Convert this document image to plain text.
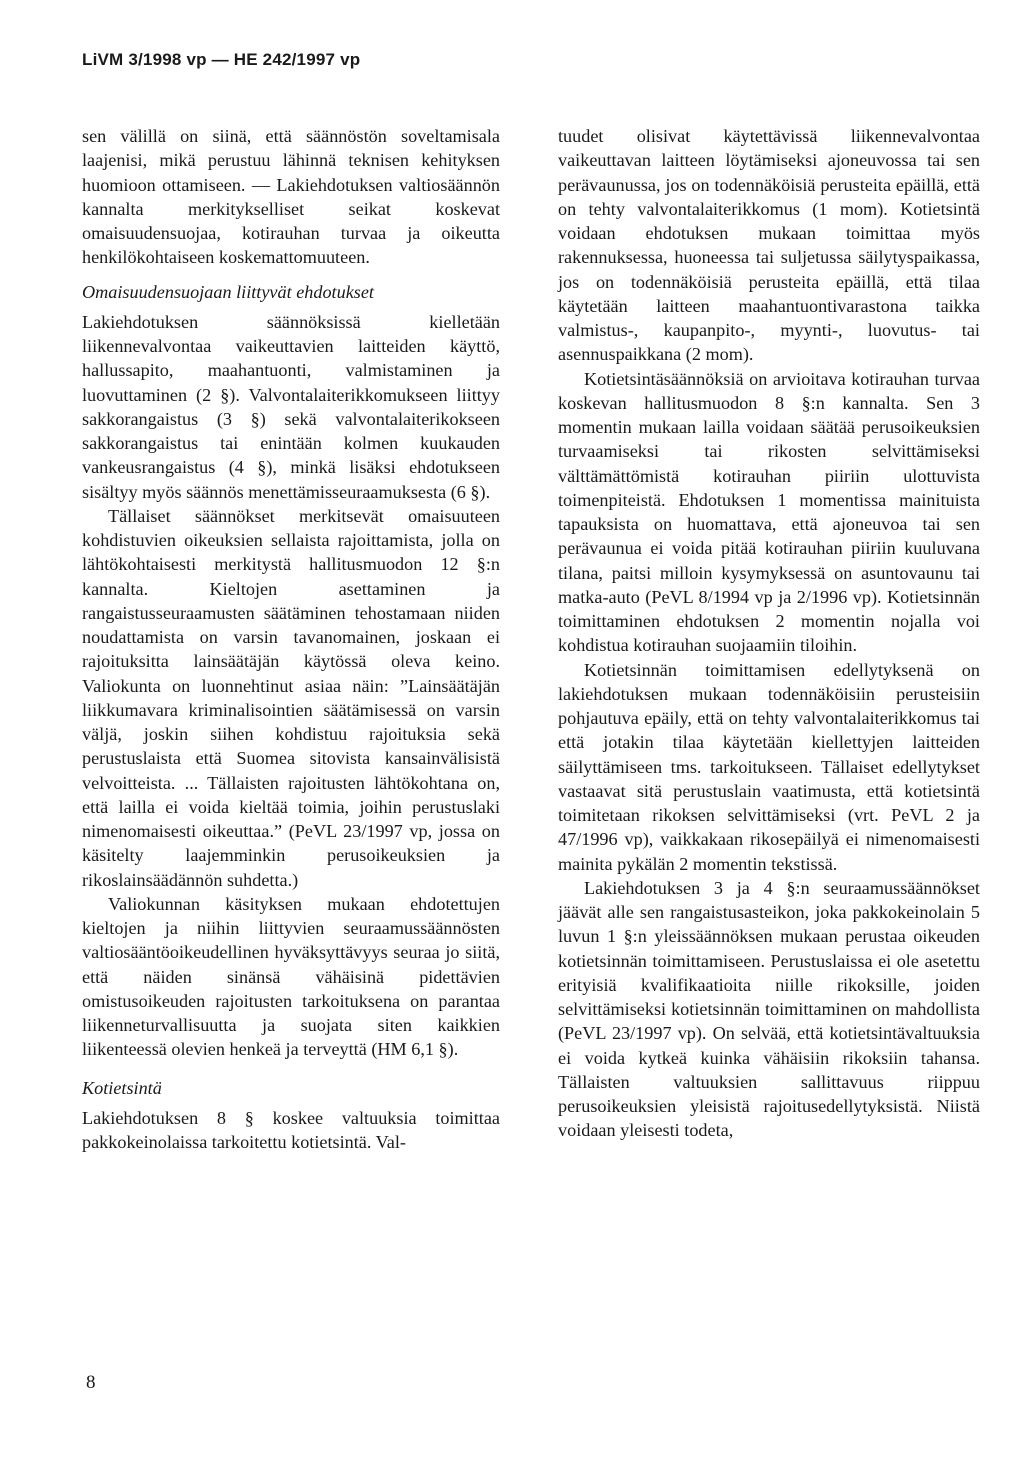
LiVM 3/1998 vp — HE 242/1997 vp

sen välillä on siinä, että säännöstön soveltamisala laajenisi, mikä perustuu lähinnä teknisen kehityksen huomioon ottamiseen. — Lakiehdotuksen valtiosäännön kannalta merkitykselliset seikat koskevat omaisuudensuojaa, kotirauhan turvaa ja oikeutta henkilökohtaiseen koskemattomuuteen.

Omaisuudensuojaan liittyvät ehdotukset

Lakiehdotuksen säännöksissä kielletään liikennevalvontaa vaikeuttavien laitteiden käyttö, hallussapito, maahantuonti, valmistaminen ja luovuttaminen (2 §). Valvontalaiterikkomukseen liittyy sakkorangaistus (3 §) sekä valvontalaiterikokseen sakkorangaistus tai enintään kolmen kuukauden vankeusrangaistus (4 §), minkä lisäksi ehdotukseen sisältyy myös säännös menettämisseuraamuksesta (6 §).

Tällaiset säännökset merkitsevät omaisuuteen kohdistuvien oikeuksien sellaista rajoittamista, jolla on lähtökohtaisesti merkitystä hallitusmuodon 12 §:n kannalta. Kieltojen asettaminen ja rangaistusseuraamusten säätäminen tehostamaan niiden noudattamista on varsin tavanomainen, joskaan ei rajoituksitta lainsäätäjän käytössä oleva keino. Valiokunta on luonnehtinut asiaa näin: ”Lainsäätäjän liikkumavara kriminalisointien säätämisessä on varsin väljä, joskin siihen kohdistuu rajoituksia sekä perustuslaista että Suomea sitovista kansainvälisistä velvoitteista. ... Tällaisten rajoitusten lähtökohtana on, että lailla ei voida kieltää toimia, joihin perustuslaki nimenomaisesti oikeuttaa.” (PeVL 23/1997 vp, jossa on käsitelty laajemminkin perusoikeuksien ja rikoslainsäädännön suhdetta.)

Valiokunnan käsityksen mukaan ehdotettujen kieltojen ja niihin liittyvien seuraamussäännösten valtiosääntöoikeudellinen hyväksyttävyys seuraa jo siitä, että näiden sinänsä vähäisinä pidettävien omistusoikeuden rajoitusten tarkoituksena on parantaa liikenneturvallisuutta ja suojata siten kaikkien liikenteessä olevien henkeä ja terveyttä (HM 6,1 §).

Kotietsintä

Lakiehdotuksen 8 § koskee valtuuksia toimittaa pakkokeinolaissa tarkoitettu kotietsintä. Val-

tuudet olisivat käytettävissä liikennevalvontaa vaikeuttavan laitteen löytämiseksi ajoneuvossa tai sen perävaunussa, jos on todennäköisiä perusteita epäillä, että on tehty valvontalaiterikkomus (1 mom). Kotietsintä voidaan ehdotuksen mukaan toimittaa myös rakennuksessa, huoneessa tai suljetussa säilytyspaikassa, jos on todennäköisiä perusteita epäillä, että tilaa käytetään laitteen maahantuontivarastona taikka valmistus-, kaupanpito-, myynti-, luovutus- tai asennuspaikkana (2 mom).

Kotietsintäsäännöksiä on arvioitava kotirauhan turvaa koskevan hallitusmuodon 8 §:n kannalta. Sen 3 momentin mukaan lailla voidaan säätää perusoikeuksien turvaamiseksi tai rikosten selvittämiseksi välttämättömistä kotirauhan piiriin ulottuvista toimenpiteistä. Ehdotuksen 1 momentissa mainituista tapauksista on huomattava, että ajoneuvoa tai sen perävaunua ei voida pitää kotirauhan piiriin kuuluvana tilana, paitsi milloin kysymyksessä on asuntovaunu tai matka-auto (PeVL 8/1994 vp ja 2/1996 vp). Kotietsinnän toimittaminen ehdotuksen 2 momentin nojalla voi kohdistua kotirauhan suojaamiin tiloihin.

Kotietsinnän toimittamisen edellytyksenä on lakiehdotuksen mukaan todennäköisiin perusteisiin pohjautuva epäily, että on tehty valvontalaiterikkomus tai että jotakin tilaa käytetään kiellettyjen laitteiden säilyttämiseen tms. tarkoitukseen. Tällaiset edellytykset vastaavat sitä perustuslain vaatimusta, että kotietsintä toimitetaan rikoksen selvittämiseksi (vrt. PeVL 2 ja 47/1996 vp), vaikkakaan rikosepäilyä ei nimenomaisesti mainita pykälän 2 momentin tekstissä.

Lakiehdotuksen 3 ja 4 §:n seuraamussäännökset jäävät alle sen rangaistusasteikon, joka pakkokeinolain 5 luvun 1 §:n yleissäännöksen mukaan perustaa oikeuden kotietsinnän toimittamiseen. Perustuslaissa ei ole asetettu erityisiä kvalifikaatioita niille rikoksille, joiden selvittämiseksi kotietsinnän toimittaminen on mahdollista (PeVL 23/1997 vp). On selvää, että kotietsintävaltuuksia ei voida kytkeä kuinka vähäisiin rikoksiin tahansa. Tällaisten valtuuksien sallittavuus riippuu perusoikeuksien yleisistä rajoitusedellytyksistä. Niistä voidaan yleisesti todeta,

8
